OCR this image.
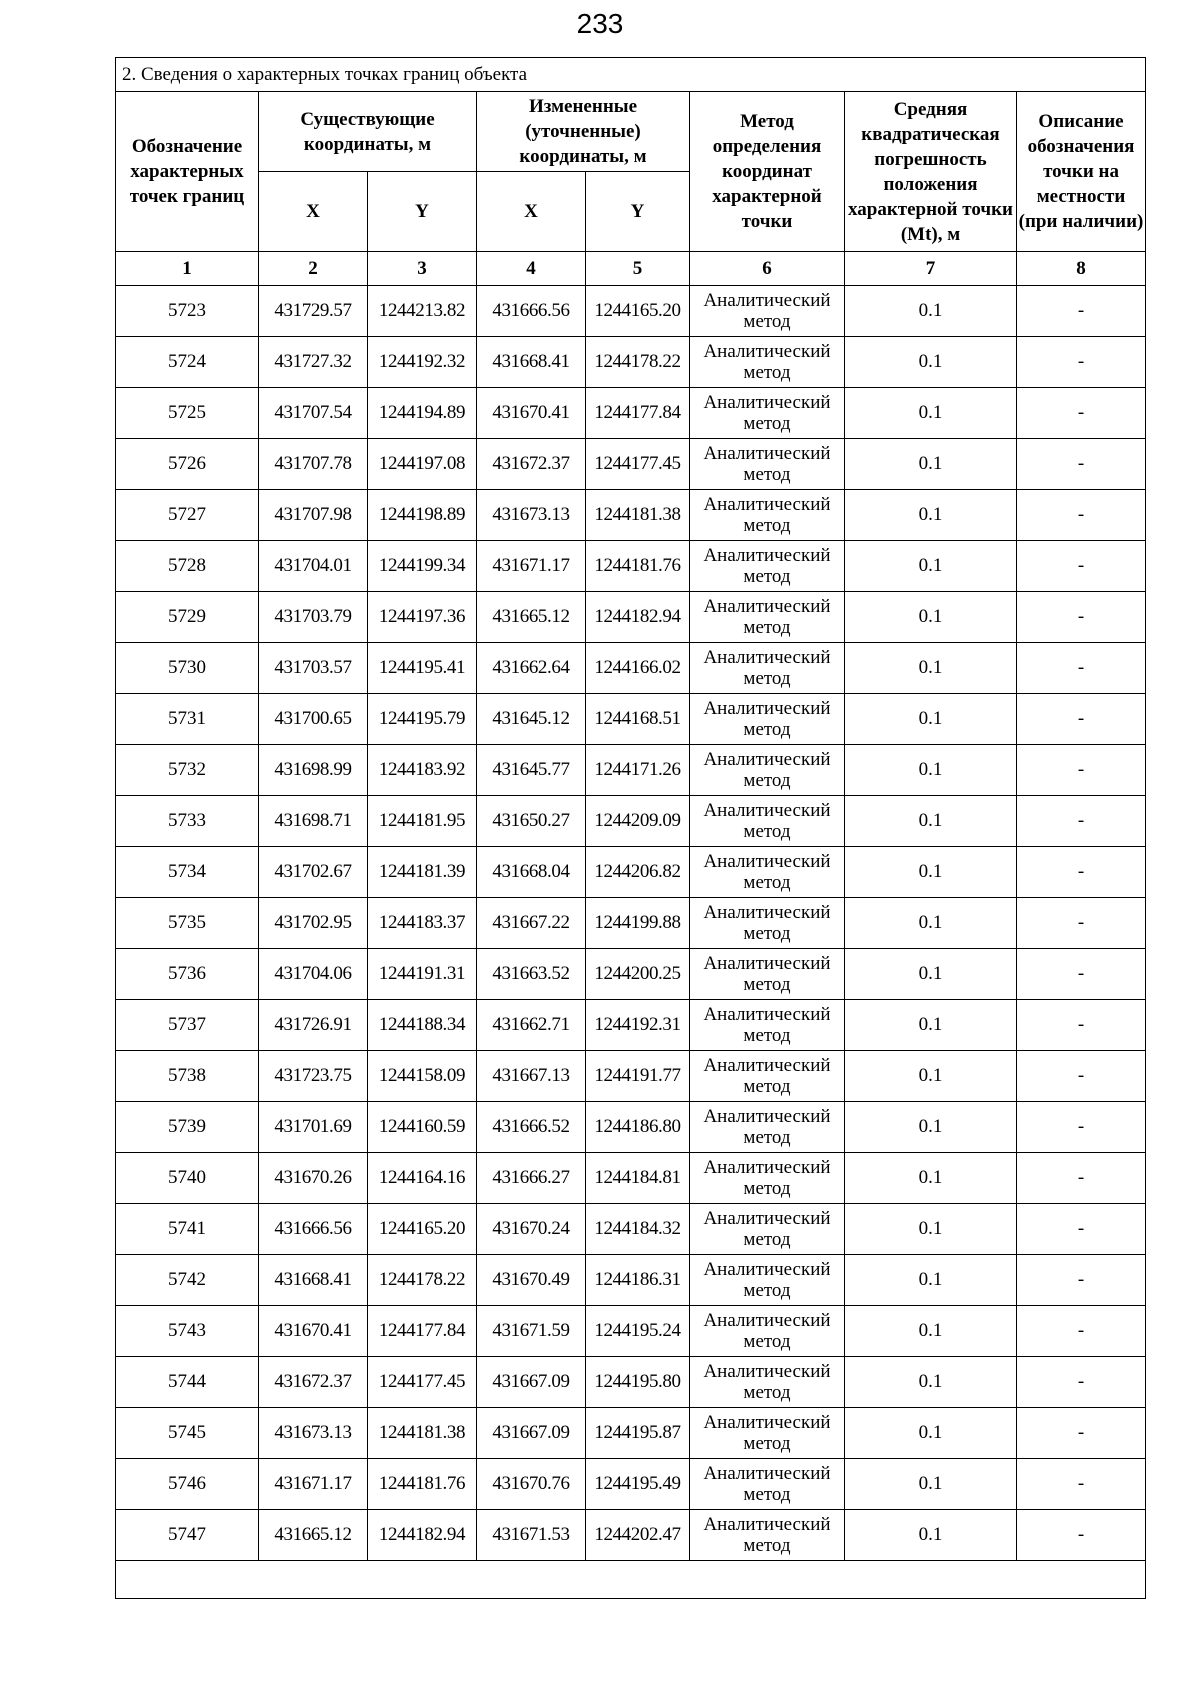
233
2. Сведения о характерных точках границ объекта							
Обозначение характерных точек границ	Существующие координаты, м		Измененные (уточненные) координаты, м		Метод определения координат характерной точки	Средняя квадратическая погрешность положения характерной точки (Mt), м	Описание обозначения точки на местности (при наличии)
	X	Y	X	Y			
1	2	3	4	5	6	7	8
5723	431729.57	1244213.82	431666.56	1244165.20	Аналитический метод	0.1	-
5724	431727.32	1244192.32	431668.41	1244178.22	Аналитический метод	0.1	-
5725	431707.54	1244194.89	431670.41	1244177.84	Аналитический метод	0.1	-
5726	431707.78	1244197.08	431672.37	1244177.45	Аналитический метод	0.1	-
5727	431707.98	1244198.89	431673.13	1244181.38	Аналитический метод	0.1	-
5728	431704.01	1244199.34	431671.17	1244181.76	Аналитический метод	0.1	-
5729	431703.79	1244197.36	431665.12	1244182.94	Аналитический метод	0.1	-
5730	431703.57	1244195.41	431662.64	1244166.02	Аналитический метод	0.1	-
5731	431700.65	1244195.79	431645.12	1244168.51	Аналитический метод	0.1	-
5732	431698.99	1244183.92	431645.77	1244171.26	Аналитический метод	0.1	-
5733	431698.71	1244181.95	431650.27	1244209.09	Аналитический метод	0.1	-
5734	431702.67	1244181.39	431668.04	1244206.82	Аналитический метод	0.1	-
5735	431702.95	1244183.37	431667.22	1244199.88	Аналитический метод	0.1	-
5736	431704.06	1244191.31	431663.52	1244200.25	Аналитический метод	0.1	-
5737	431726.91	1244188.34	431662.71	1244192.31	Аналитический метод	0.1	-
5738	431723.75	1244158.09	431667.13	1244191.77	Аналитический метод	0.1	-
5739	431701.69	1244160.59	431666.52	1244186.80	Аналитический метод	0.1	-
5740	431670.26	1244164.16	431666.27	1244184.81	Аналитический метод	0.1	-
5741	431666.56	1244165.20	431670.24	1244184.32	Аналитический метод	0.1	-
5742	431668.41	1244178.22	431670.49	1244186.31	Аналитический метод	0.1	-
5743	431670.41	1244177.84	431671.59	1244195.24	Аналитический метод	0.1	-
5744	431672.37	1244177.45	431667.09	1244195.80	Аналитический метод	0.1	-
5745	431673.13	1244181.38	431667.09	1244195.87	Аналитический метод	0.1	-
5746	431671.17	1244181.76	431670.76	1244195.49	Аналитический метод	0.1	-
5747	431665.12	1244182.94	431671.53	1244202.47	Аналитический метод	0.1	-
